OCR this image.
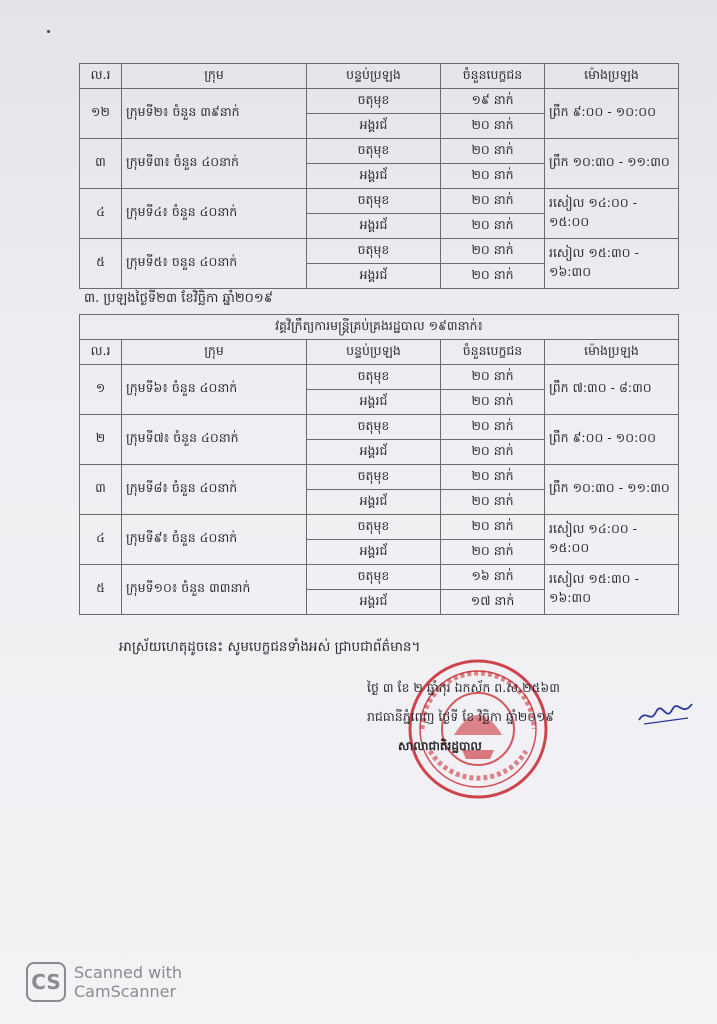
ល.រ	ក្រុម	បន្ទប់ប្រឡង	ចំនួនបេក្ខជន	ម៉ោងប្រឡង
១២	ក្រុមទី២៖ ចំនួន ៣៩នាក់	ចតុមុខ	១៩ នាក់	ព្រឹក ៩:០០ - ១០:០០
		អង្គរជ័	២០ នាក់	
៣	ក្រុមទី៣៖ ចំនួន ៤០នាក់	ចតុមុខ	២០ នាក់	ព្រឹក ១០:៣០ - ១១:៣០
		អង្គរជ័	២០ នាក់	
៤	ក្រុមទី៤៖ ចំនួន ៤០នាក់	ចតុមុខ	២០ នាក់	រសៀល ១៤:០០ - ១៥:០០
		អង្គរជ័	២០ នាក់	
៥	ក្រុមទី៥៖ ចនួន ៤០នាក់	ចតុមុខ	២០ នាក់	រសៀល ១៥:៣០ - ១៦:៣០
		អង្គរជ័	២០ នាក់	
៣. ប្រឡងថ្ងៃទី២៣ ខែវិច្ឆិកា ឆ្នាំ២០១៩
វគ្គវិក្រឹត្យការមន្ត្រីគ្រប់គ្រងរដ្ឋបាល ១៩៣នាក់៖				
ល.រ	ក្រុម	បន្ទប់ប្រឡង	ចំនួនបេក្ខជន	ម៉ោងប្រឡង
១	ក្រុមទី៦៖ ចំនួន ៤០នាក់	ចតុមុខ	២០ នាក់	ព្រឹក ៧:៣០ - ៨:៣០
		អង្គរជ័	២០ នាក់	
២	ក្រុមទី៧៖ ចំនួន ៤០នាក់	ចតុមុខ	២០ នាក់	ព្រឹក ៩:០០ - ១០:០០
		អង្គរជ័	២០ នាក់	
៣	ក្រុមទី៨៖ ចំនួន ៤០នាក់	ចតុមុខ	២០ នាក់	ព្រឹក ១០:៣០ - ១១:៣០
		អង្គរជ័	២០ នាក់	
៤	ក្រុមទី៩៖ ចំនួន ៤០នាក់	ចតុមុខ	២០ នាក់	រសៀល ១៤:០០ - ១៥:០០
		អង្គរជ័	២០ នាក់	
៥	ក្រុមទី១០៖ ចំនួន ៣៣នាក់	ចតុមុខ	១៦ នាក់	រសៀល ១៥:៣០ - ១៦:៣០
		អង្គរជ័	១៧ នាក់	
អាស្រ័យហេតុដូចនេះ សូមបេក្ខជនទាំងអស់ ជ្រាបជាព័ត៌មាន។
ថ្ងៃ ៣ ខែ ២ ឆ្នាំកុរ ឯកស័ក ព.ស.២៥៦៣
រាជធានីភ្នំពេញ ថ្ងៃទី ខែ វិច្ឆិកា ឆ្នាំ២០១៩
សាលាជាតិរដ្ឋបាល
CS Scanned with
CamScanner
